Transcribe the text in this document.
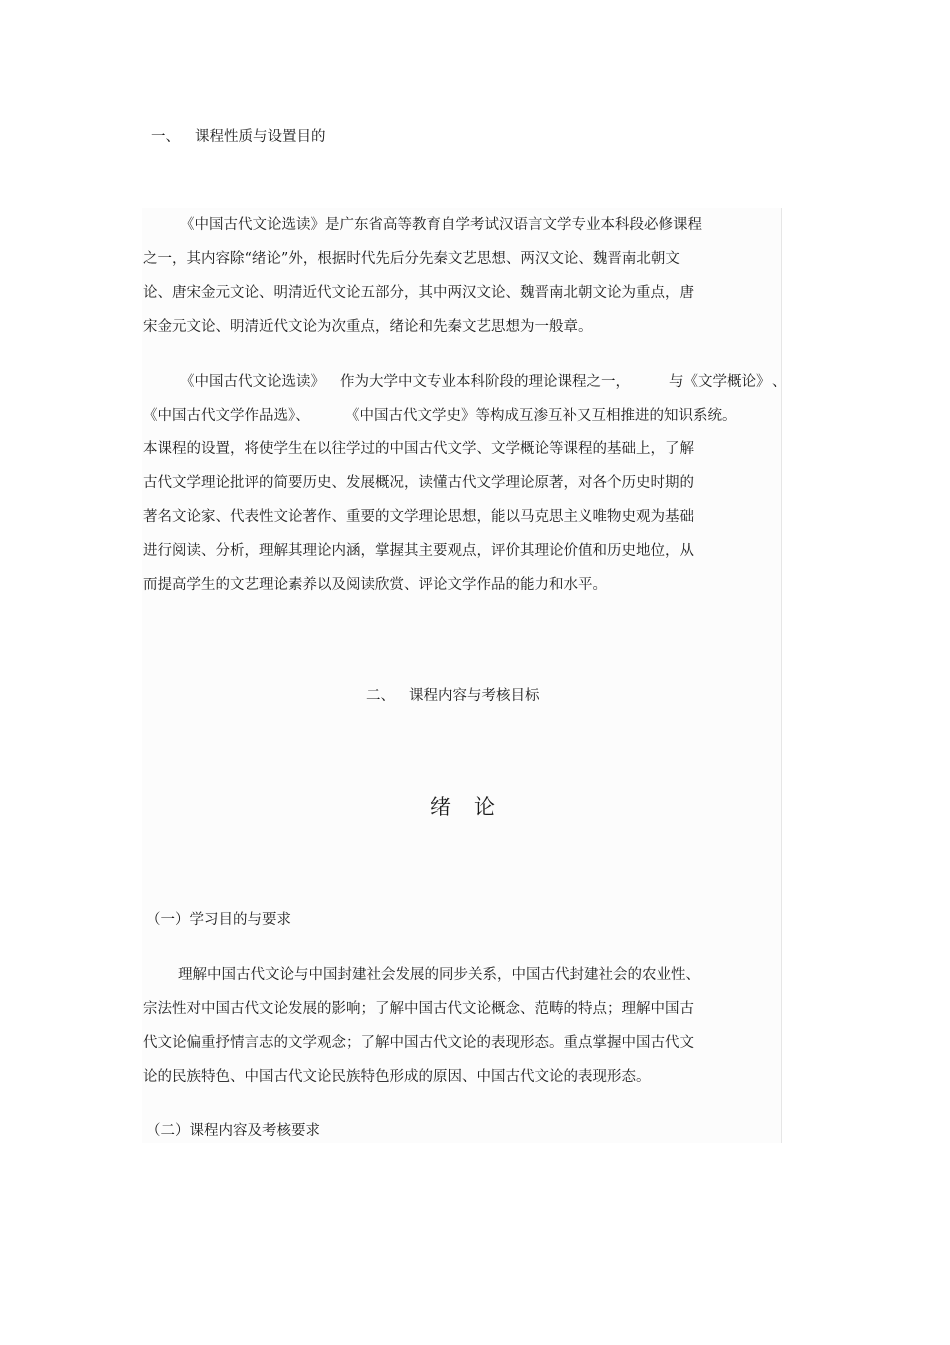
一、 课程性质与设置目的
《中国古代文论选读》是广东省高等教育自学考试汉语言文学专业本科段必修课程
之一，其内容除“绪论”外，根据时代先后分先秦文艺思想、两汉文论、魏晋南北朝文
论、唐宋金元文论、明清近代文论五部分，其中两汉文论、魏晋南北朝文论为重点，唐
宋金元文论、明清近代文论为次重点，绪论和先秦文艺思想为一般章。
《中国古代文论选读》 作为大学中文专业本科阶段的理论课程之一，	与《文学概论》 、
《中国古代文学作品选》、 《中国古代文学史》等构成互渗互补又互相推进的知识系统。
本课程的设置，将使学生在以往学过的中国古代文学、文学概论等课程的基础上，了解
古代文学理论批评的简要历史、发展概况，读懂古代文学理论原著，对各个历史时期的
著名文论家、代表性文论著作、重要的文学理论思想，能以马克思主义唯物史观为基础
进行阅读、分析，理解其理论内涵，掌握其主要观点，评价其理论价值和历史地位，从
而提高学生的文艺理论素养以及阅读欣赏、评论文学作品的能力和水平。
二、 课程内容与考核目标
绪 论
（一）学习目的与要求
理解中国古代文论与中国封建社会发展的同步关系，中国古代封建社会的农业性、
宗法性对中国古代文论发展的影响；了解中国古代文论概念、范畴的特点；理解中国古
代文论偏重抒情言志的文学观念；了解中国古代文论的表现形态。重点掌握中国古代文
论的民族特色、中国古代文论民族特色形成的原因、中国古代文论的表现形态。
（二）课程内容及考核要求
